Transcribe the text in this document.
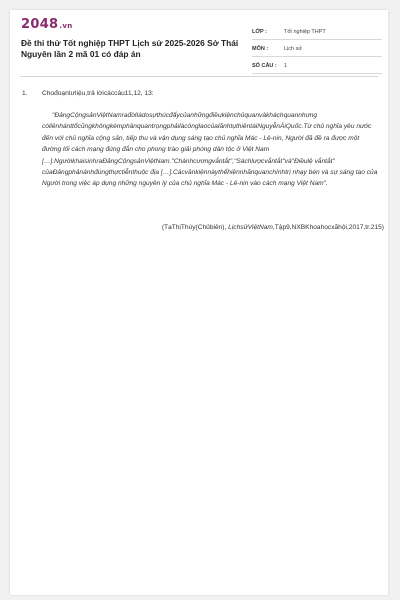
2048.vn
Đề thi thử Tốt nghiệp THPT Lịch sử 2025-2026 Sở Thái Nguyên lần 2 mã 01 có đáp án
LỚP :	Tốt nghiệp THPT
MÔN :	Lịch sử
SỐ CÂU :	1
1. Chođoạntưliệu,trả lờicáccâu11,12, 13:
"ĐảngCộngsảnViệtNamrađờilàdosựthúcđẩycủanhữngđiềukiệnchủquanvàkháchquannhưng cóliênhánttổcũngkhôngkémphầnquantrọngphảilàcônglaocủalãnhtụthiêntàiNguyễnÁiQuốc.Từ chủ nghĩa yêu nước đến với chủ nghĩa cộng sản, tiếp thu và vận dụng sáng tạo chủ nghĩa Mác - Lê-nin, Người đã đề ra được một đường lối cách mạng đúng đắn cho phong trào giải phóng dân tộc ở Việt Nam […].NgườikhaisinhraĐảngCộngsảnViệtNam."Chánhcươngvắntắt","Sáchlượcvắntắt"và"Điềulệ vắntắt" củaĐảngphảnánhđúngthựctiễnthuộc địa […].Cácvănkiệnnàythểhiệnnhãnquanchínhtrị nhạy bén và sự sáng tạo của Người trong việc áp dụng những nguyên lý của chủ nghĩa Mác - Lê-nin vào cách mạng Việt Nam".
(TạThịThúy(Chủbiên), LịchsửViệtNam,Tập9,NXBKhoahọcxãhội,2017,tr.215)
